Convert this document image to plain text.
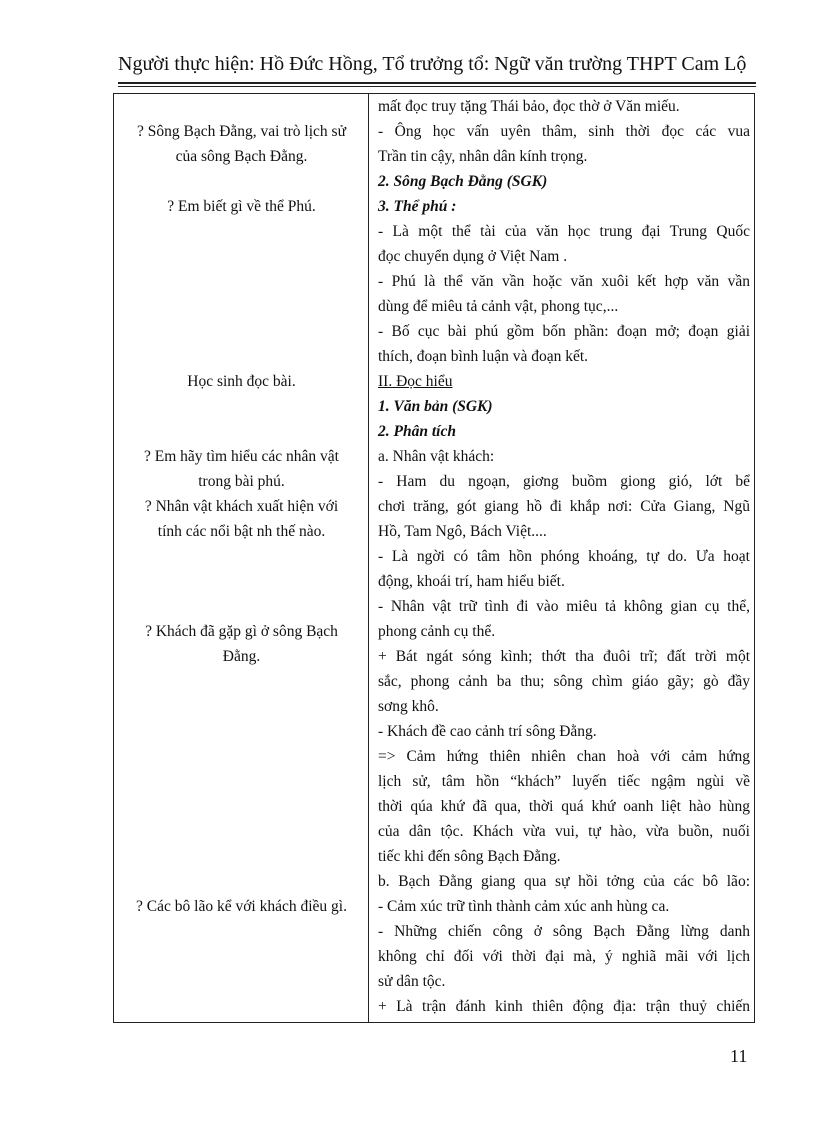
Người thực hiện: Hồ Đức Hồng, Tổ trưởng tổ: Ngữ văn trường THPT Cam Lộ
? Sông Bạch Đằng, vai trò lịch sử
của sông Bạch Đằng.
? Em biết gì về thể Phú.
Học sinh đọc bài.
? Em hãy tìm hiểu các nhân vật
trong bài phú.
? Nhân vật khách xuất hiện với
tính các nổi bật nh thế nào.
? Khách đã gặp gì ở sông Bạch
Đằng.
? Các bô lão kể với khách điều gì.
mất đọc truy tặng Thái bảo, đọc thờ ở Văn miếu.
- Ông học vấn uyên thâm, sinh thời đọc các vua
Trần tin cậy, nhân dân kính trọng.
2. Sông Bạch Đằng (SGK)
3. Thể phú :
- Là một thể tài của văn học trung đại Trung Quốc
đọc chuyển dụng ở Việt Nam .
- Phú là thể văn vần hoặc văn xuôi kết hợp văn vần
dùng để miêu tả cảnh vật, phong tục,...
- Bố cục bài phú gồm bốn phần: đoạn mở; đoạn giải
thích, đoạn bình luận và đoạn kết.
II. Đọc hiểu
1. Văn bản (SGK)
2. Phân tích
a. Nhân vật khách:
- Ham du ngoạn, giơng buồm giong gió, lớt bể
chơi trăng, gót giang hồ đi khắp nơi: Cửa Giang, Ngũ
Hồ, Tam Ngô, Bách Việt....
- Là ngời có tâm hồn phóng khoáng, tự do. Ưa hoạt
động, khoái trí, ham hiểu biết.
- Nhân vật trữ tình đi vào miêu tả không gian cụ thể,
phong cảnh cụ thể.
+ Bát ngát sóng kình; thớt tha đuôi trĩ; đất trời một
sắc, phong cảnh ba thu; sông chìm giáo gãy; gò đầy
sơng khô.
- Khách đề cao cảnh trí sông Đằng.
=> Cảm hứng thiên nhiên chan hoà với cảm hứng
lịch sử, tâm hồn “khách” luyến tiếc ngậm ngùi về
thời qúa khứ đã qua, thời quá khứ oanh liệt hào hùng
của dân tộc. Khách vừa vui, tự hào, vừa buồn, nuối
tiếc khi đến sông Bạch Đằng.
b. Bạch Đằng giang qua sự hồi tởng của các bô lão:
- Cảm xúc trữ tình thành cảm xúc anh hùng ca.
- Những chiến công ở sông Bạch Đằng lừng danh
không chỉ đối với thời đại mà, ý nghiã mãi với lịch
sử dân tộc.
+ Là trận đánh kinh thiên động địa: trận thuỷ chiến
11
